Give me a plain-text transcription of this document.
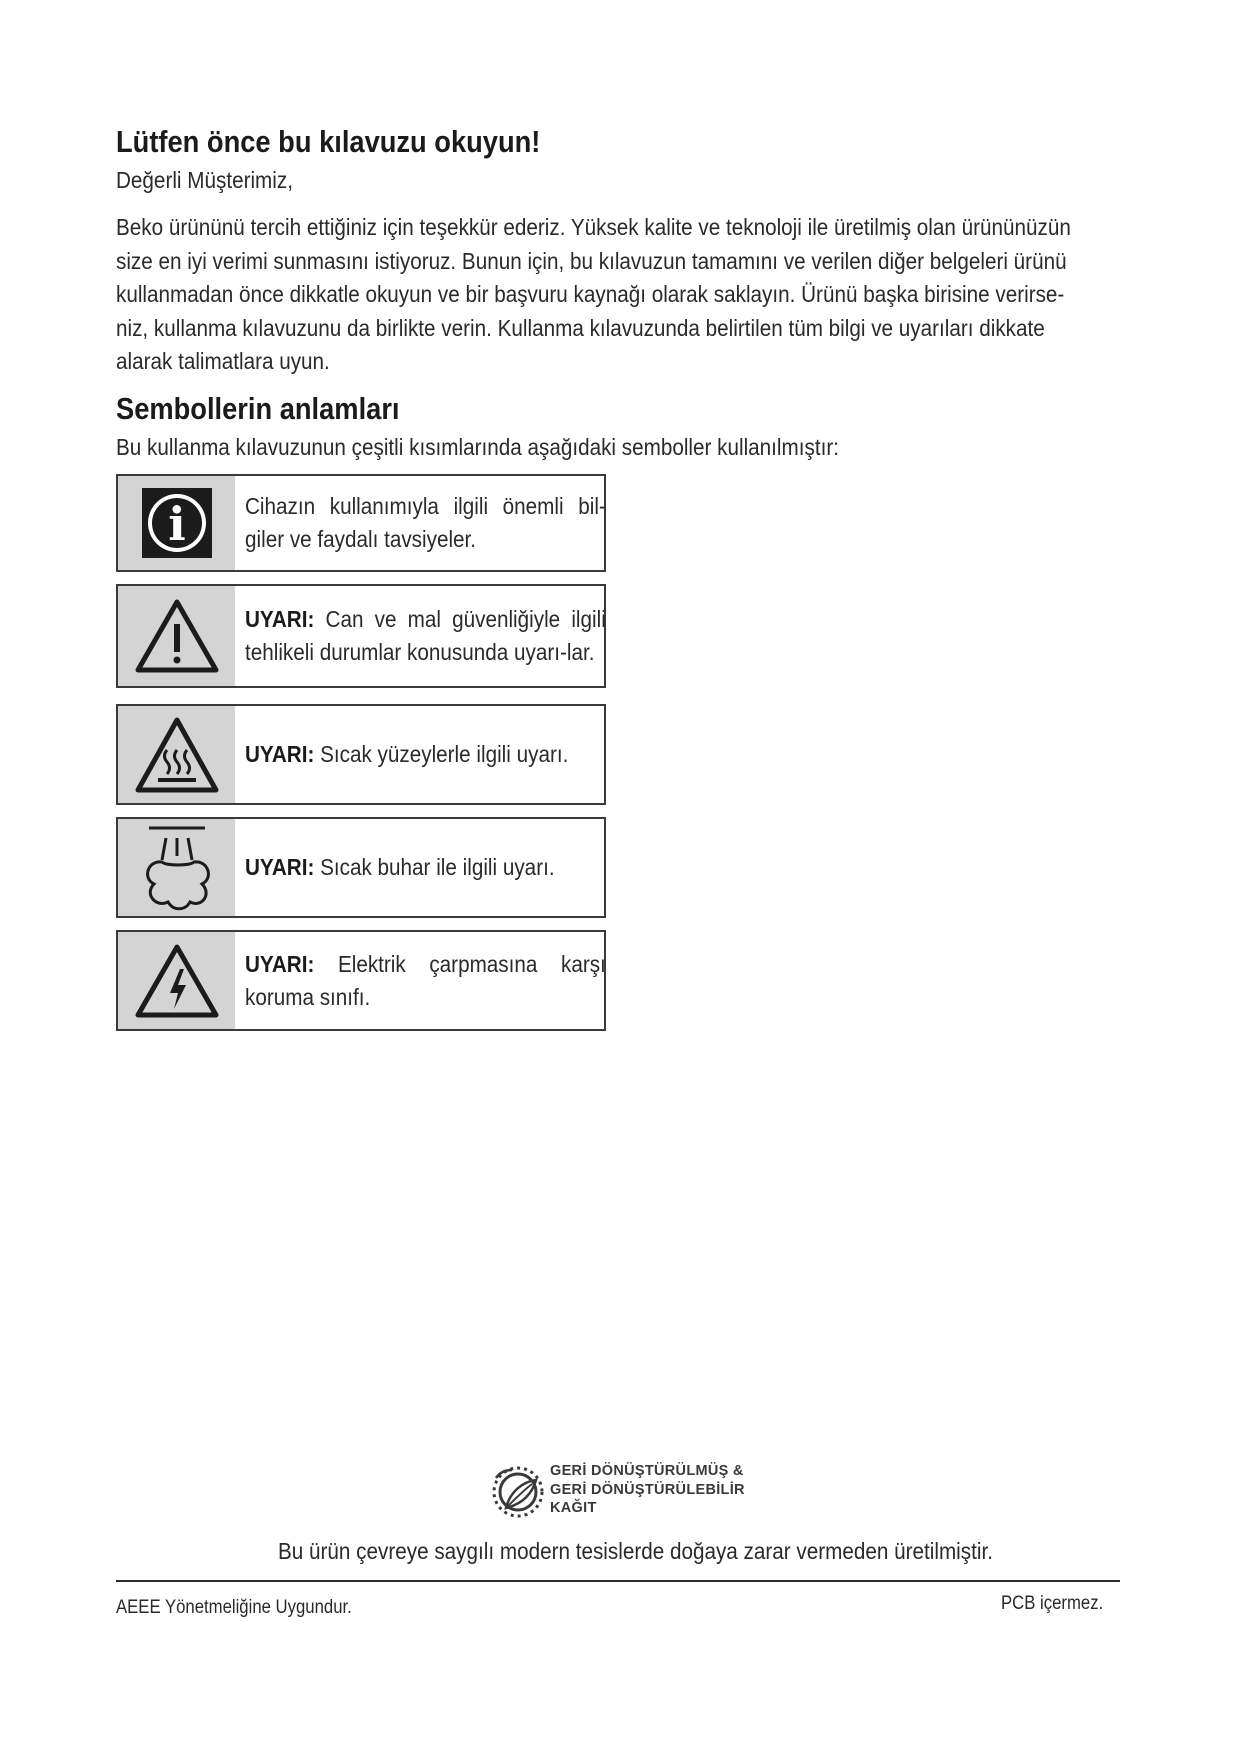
Lütfen önce bu kılavuzu okuyun!
Değerli Müşterimiz,

Beko ürününü tercih ettiğiniz için teşekkür ederiz. Yüksek kalite ve teknoloji ile üretilmiş olan ürününüzün size en iyi verimi sunmasını istiyoruz. Bunun için, bu kılavuzun tamamını ve verilen diğer belgeleri ürünü kullanmadan önce dikkatle okuyun ve bir başvuru kaynağı olarak saklayın. Ürünü başka birisine verirse- niz, kullanma kılavuzunu da birlikte verin. Kullanma kılavuzunda belirtilen tüm bilgi ve uyarıları dikkate alarak talimatlara uyun.

Sembollerin anlamları
Bu kullanma kılavuzunun çeşitli kısımlarında aşağıdaki semboller kullanılmıştır:
i	Cihazın kullanımıyla ilgili önemli bil-giler ve faydalı tavsiyeler.
UYARI: Can ve mal güvenliğiyle ilgili tehlikeli durumlar konusunda uyarı-lar.
UYARI: Sıcak yüzeylerle ilgili uyarı.
UYARI: Sıcak buhar ile ilgili uyarı.
UYARI: Elektrik çarpmasına karşı koruma sınıfı.
GERİ DÖNÜŞTÜRÜLMÜŞ &
GERİ DÖNÜŞTÜRÜLEBİLİR
KAĞIT
Bu ürün çevreye saygılı modern tesislerde doğaya zarar vermeden üretilmiştir.
AEEE Yönetmeliğine Uygundur.	PCB içermez.
